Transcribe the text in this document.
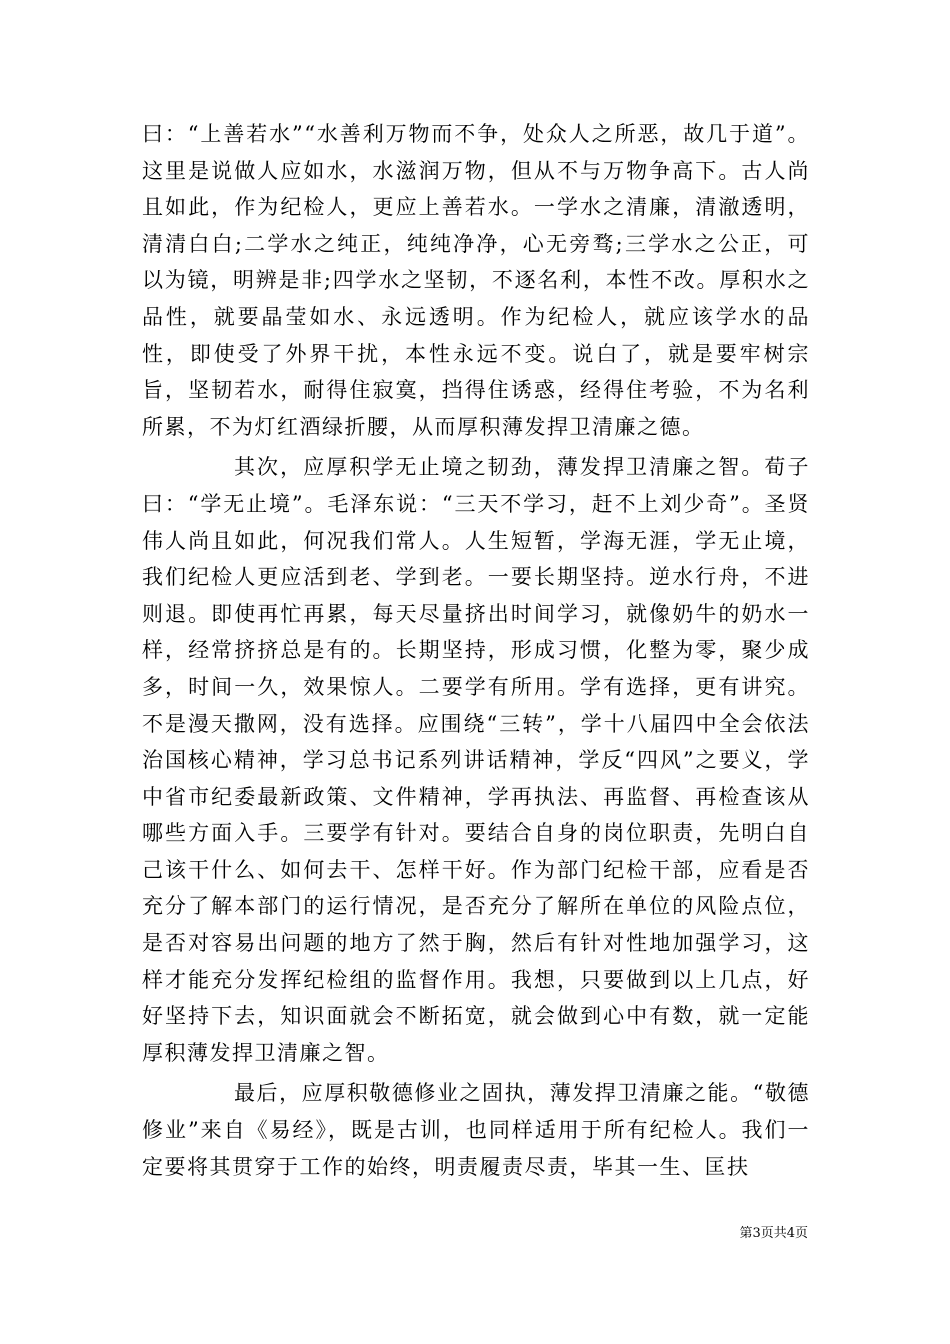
曰：“上善若水”“水善利万物而不争，处众人之所恶，故几于道”。这里是说做人应如水，水滋润万物，但从不与万物争高下。古人尚且如此，作为纪检人，更应上善若水。一学水之清廉，清澈透明，清清白白;二学水之纯正，纯纯净净，心无旁骛;三学水之公正，可以为镜，明辨是非;四学水之坚韧，不逐名利，本性不改。厚积水之品性，就要晶莹如水、永远透明。作为纪检人，就应该学水的品性，即使受了外界干扰，本性永远不变。说白了，就是要牢树宗旨，坚韧若水，耐得住寂寞，挡得住诱惑，经得住考验，不为名利所累，不为灯红酒绿折腰，从而厚积薄发捍卫清廉之德。

其次，应厚积学无止境之韧劲，薄发捍卫清廉之智。荀子曰：“学无止境”。毛泽东说：“三天不学习，赶不上刘少奇”。圣贤伟人尚且如此，何况我们常人。人生短暂，学海无涯，学无止境，我们纪检人更应活到老、学到老。一要长期坚持。逆水行舟，不进则退。即使再忙再累，每天尽量挤出时间学习，就像奶牛的奶水一样，经常挤挤总是有的。长期坚持，形成习惯，化整为零，聚少成多，时间一久，效果惊人。二要学有所用。学有选择，更有讲究。不是漫天撒网，没有选择。应围绕“三转”，学十八届四中全会依法治国核心精神，学习总书记系列讲话精神，学反“四风”之要义，学中省市纪委最新政策、文件精神，学再执法、再监督、再检查该从哪些方面入手。三要学有针对。要结合自身的岗位职责，先明白自己该干什么、如何去干、怎样干好。作为部门纪检干部，应看是否充分了解本部门的运行情况，是否充分了解所在单位的风险点位，是否对容易出问题的地方了然于胸，然后有针对性地加强学习，这样才能充分发挥纪检组的监督作用。我想，只要做到以上几点，好好坚持下去，知识面就会不断拓宽，就会做到心中有数，就一定能厚积薄发捍卫清廉之智。

最后，应厚积敬德修业之固执，薄发捍卫清廉之能。“敬德修业”来自《易经》，既是古训，也同样适用于所有纪检人。我们一定要将其贯穿于工作的始终，明责履责尽责，毕其一生、匡扶

第3页共4页
